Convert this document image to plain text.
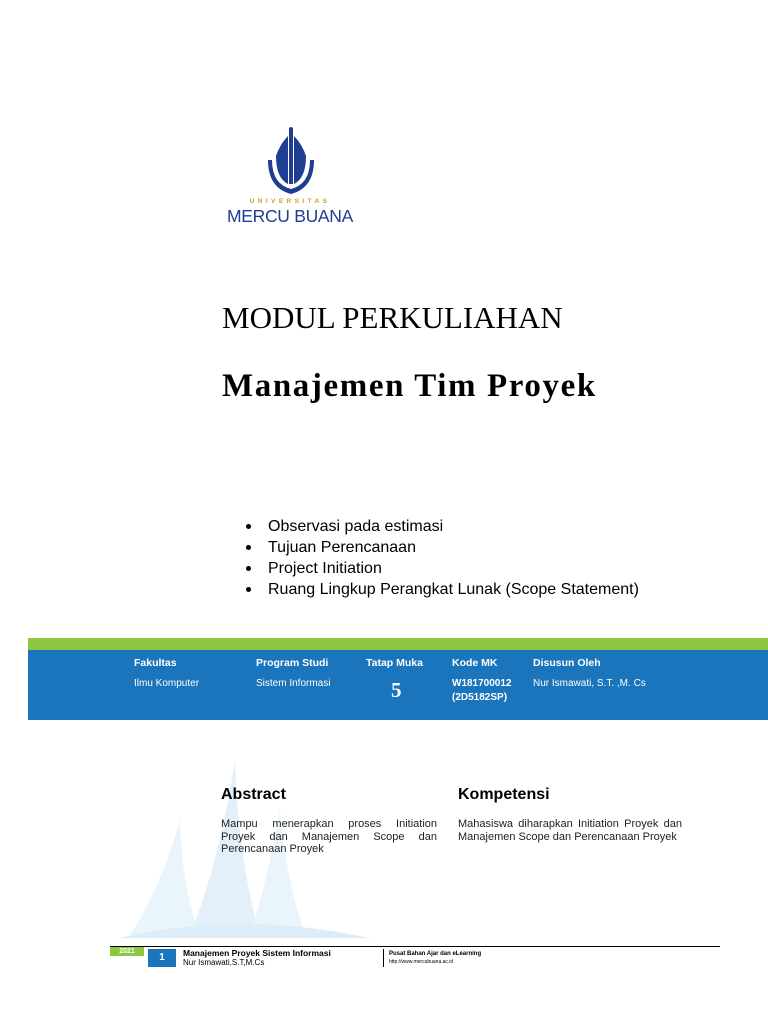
UNIVERSITAS
MERCU BUANA
MODUL PERKULIAHAN
Manajemen Tim Proyek
Observasi pada estimasi
Tujuan Perencanaan
Project Initiation
Ruang Lingkup Perangkat Lunak (Scope Statement)
Fakultas
Ilmu Komputer
Program Studi
Sistem Informasi
Tatap Muka
5
Kode MK
W181700012
(2D5182SP)
Disusun Oleh
Nur Ismawati, S.T. ,M. Cs
Abstract
Mampu menerapkan proses Initiation Proyek dan Manajemen Scope dan Perencanaan Proyek
Kompetensi
Mahasiswa diharapkan Initiation Proyek dan Manajemen Scope dan Perencanaan Proyek
2021
1	Manajemen Proyek Sistem Informasi
Nur Ismawati,S.T,M.Cs
Pusat Bahan Ajar dan eLearning
http://www.mercubuana.ac.id
